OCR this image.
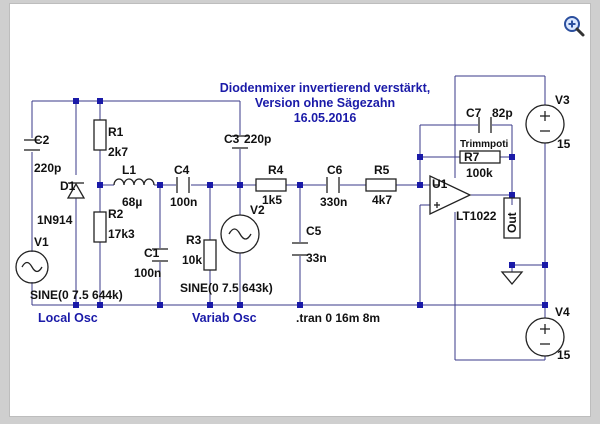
Diodenmixer invertierend verstärkt,
Version ohne Sägezahn
16.05.2016
C2
220p
D1
1N914
R1
2k7
R2
17k3
L1
68µ
C4
100n
C1
100n
R3
10k
C3 220p
V2
R4
1k5
C5
33n
C6
330n
R5
4k7
C7 82p
Trimmpoti
R7
100k
U1
LT1022 Out
V1
V3
15
V4
15
SINE(0 7.5 644k)	SINE(0 7.5 643k)
Local Osc	Variab Osc	.tran 0 16m 8m
